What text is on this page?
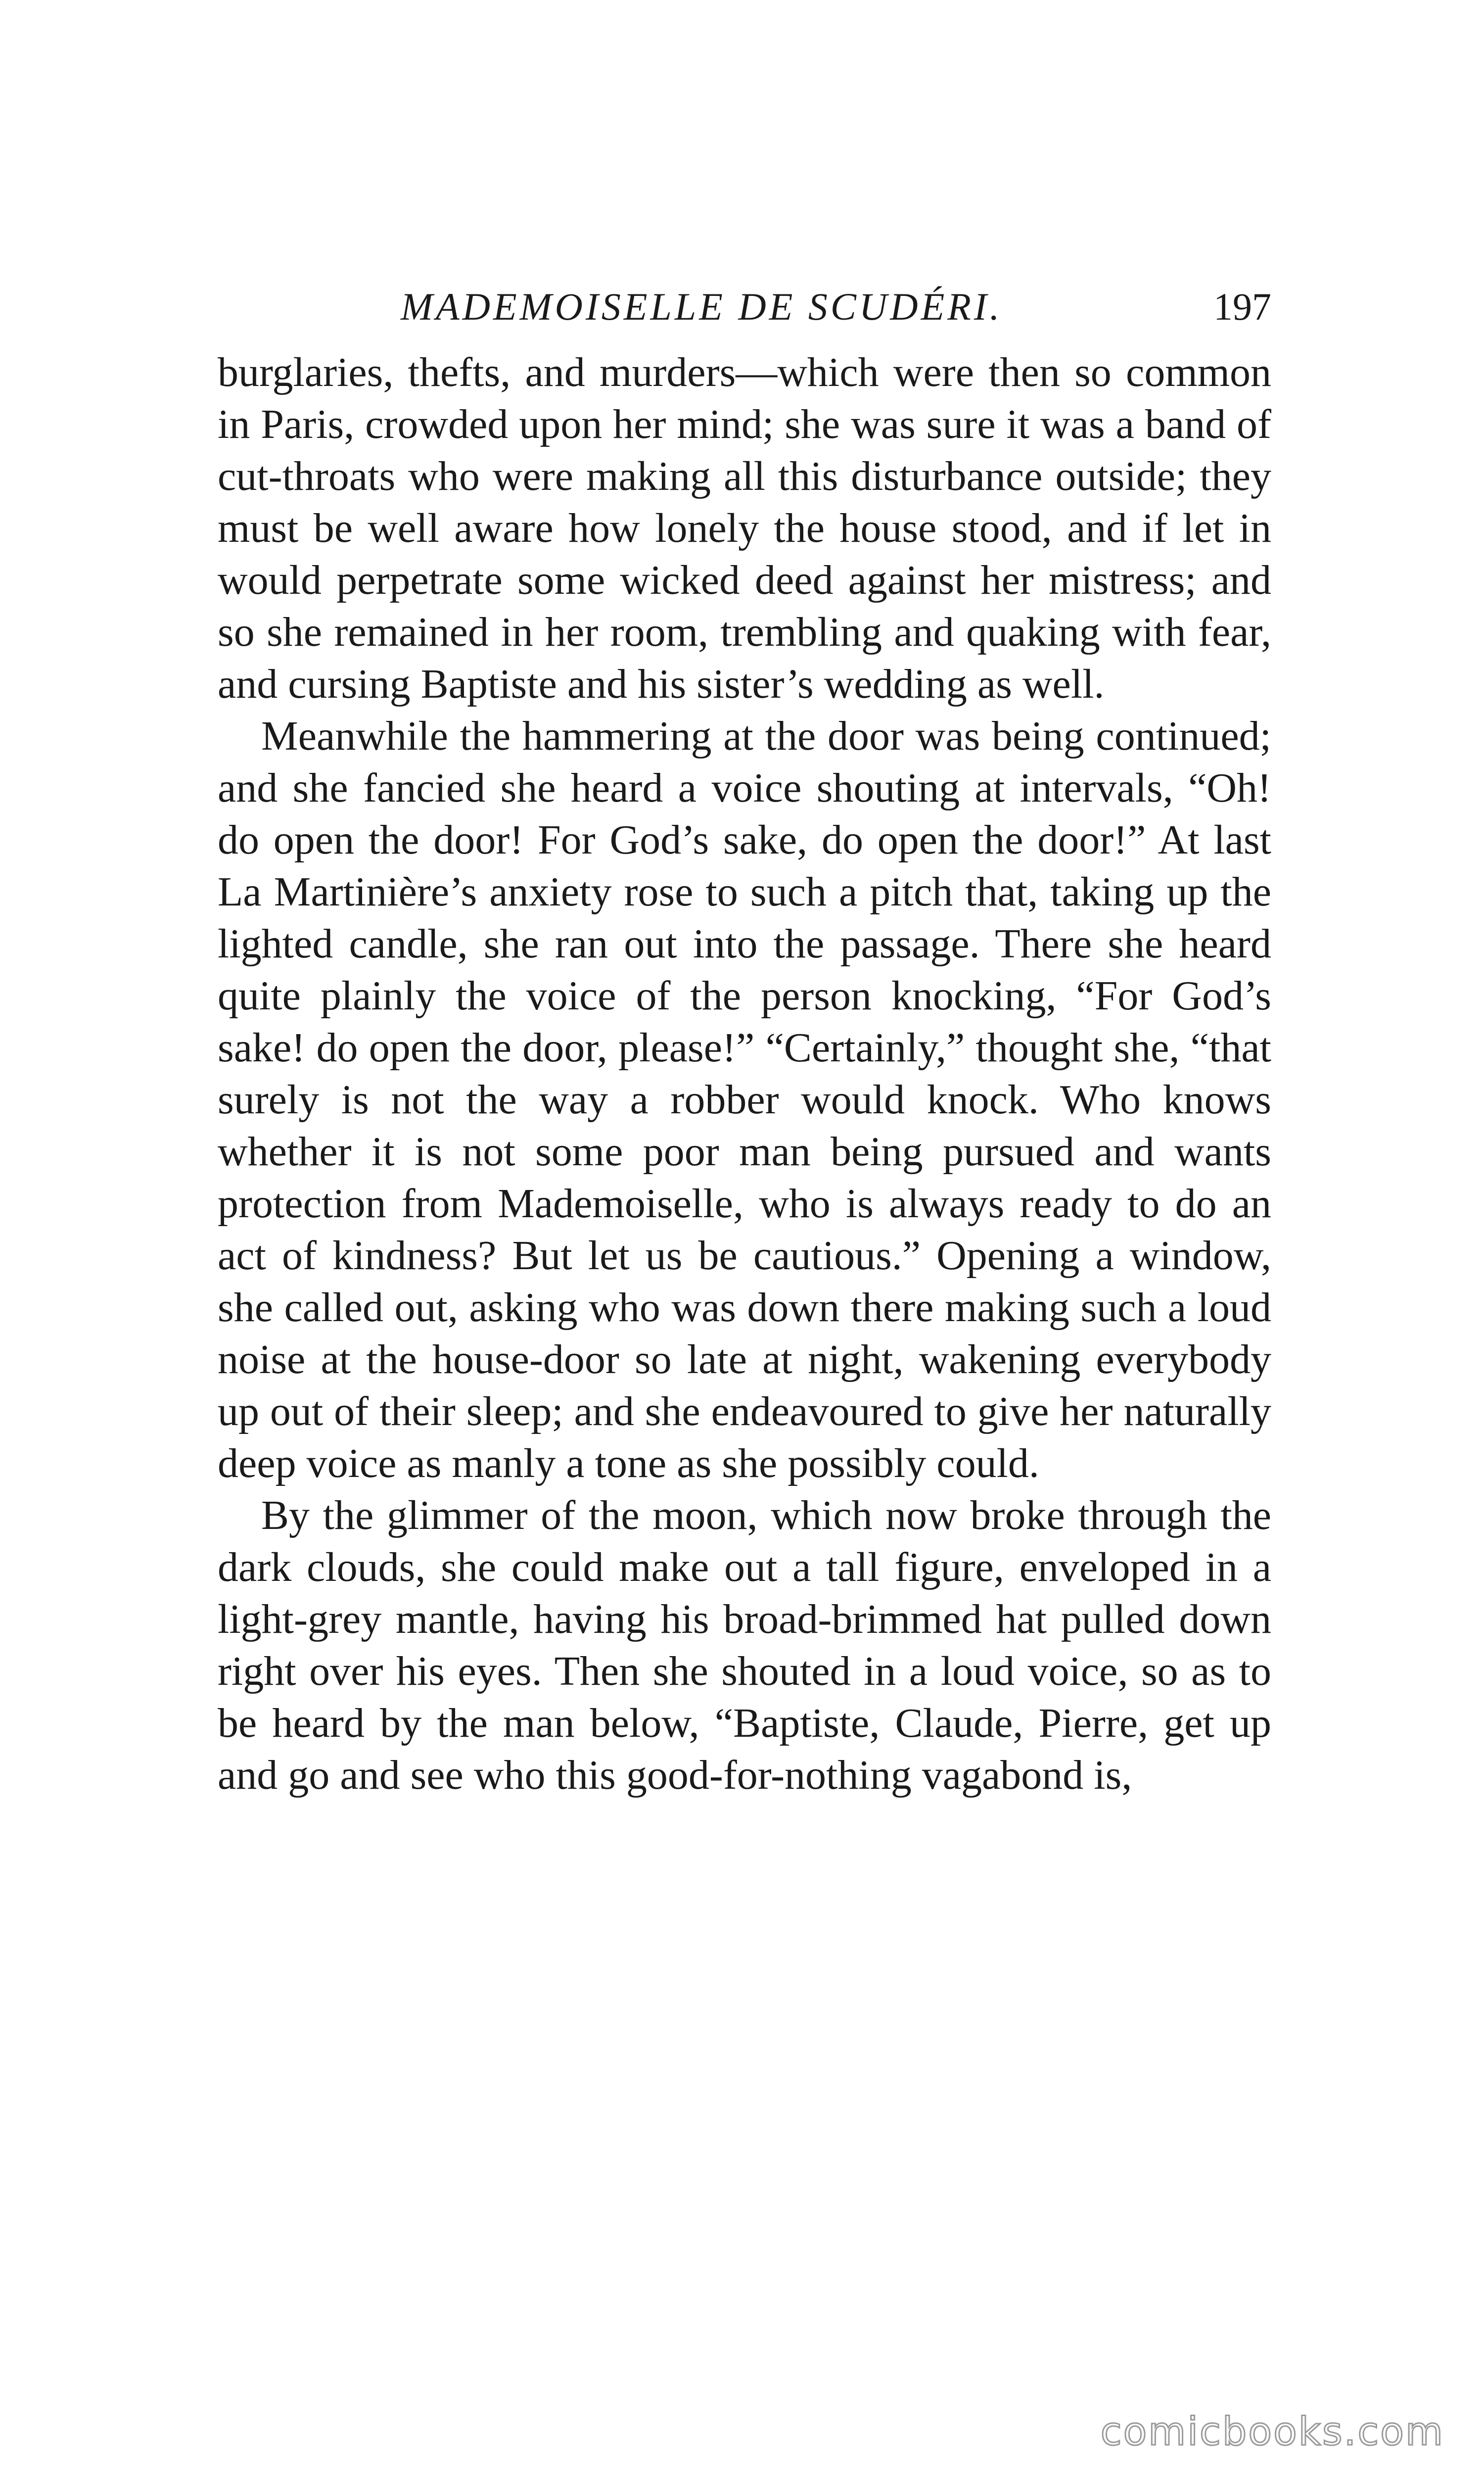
MADEMOISELLE DE SCUDÉRI.	197

burglaries, thefts, and murders—which were then so common in Paris, crowded upon her mind; she was sure it was a band of cut-throats who were making all this disturbance outside; they must be well aware how lonely the house stood, and if let in would perpetrate some wicked deed against her mistress; and so she remained in her room, trembling and quaking with fear, and cursing Baptiste and his sister’s wedding as well.

Meanwhile the hammering at the door was being continued; and she fancied she heard a voice shouting at intervals, “Oh! do open the door! For God’s sake, do open the door!” At last La Martinière’s anxiety rose to such a pitch that, taking up the lighted candle, she ran out into the passage. There she heard quite plainly the voice of the person knocking, “For God’s sake! do open the door, please!” “Certainly,” thought she, “that surely is not the way a robber would knock. Who knows whether it is not some poor man being pursued and wants protection from Mademoiselle, who is always ready to do an act of kindness? But let us be cautious.” Opening a window, she called out, asking who was down there making such a loud noise at the house-door so late at night, wakening everybody up out of their sleep; and she endeavoured to give her naturally deep voice as manly a tone as she possibly could.

By the glimmer of the moon, which now broke through the dark clouds, she could make out a tall figure, enveloped in a light-grey mantle, having his broad-brimmed hat pulled down right over his eyes. Then she shouted in a loud voice, so as to be heard by the man below, “Baptiste, Claude, Pierre, get up and go and see who this good-for-nothing vagabond is,

comicbooks.com
